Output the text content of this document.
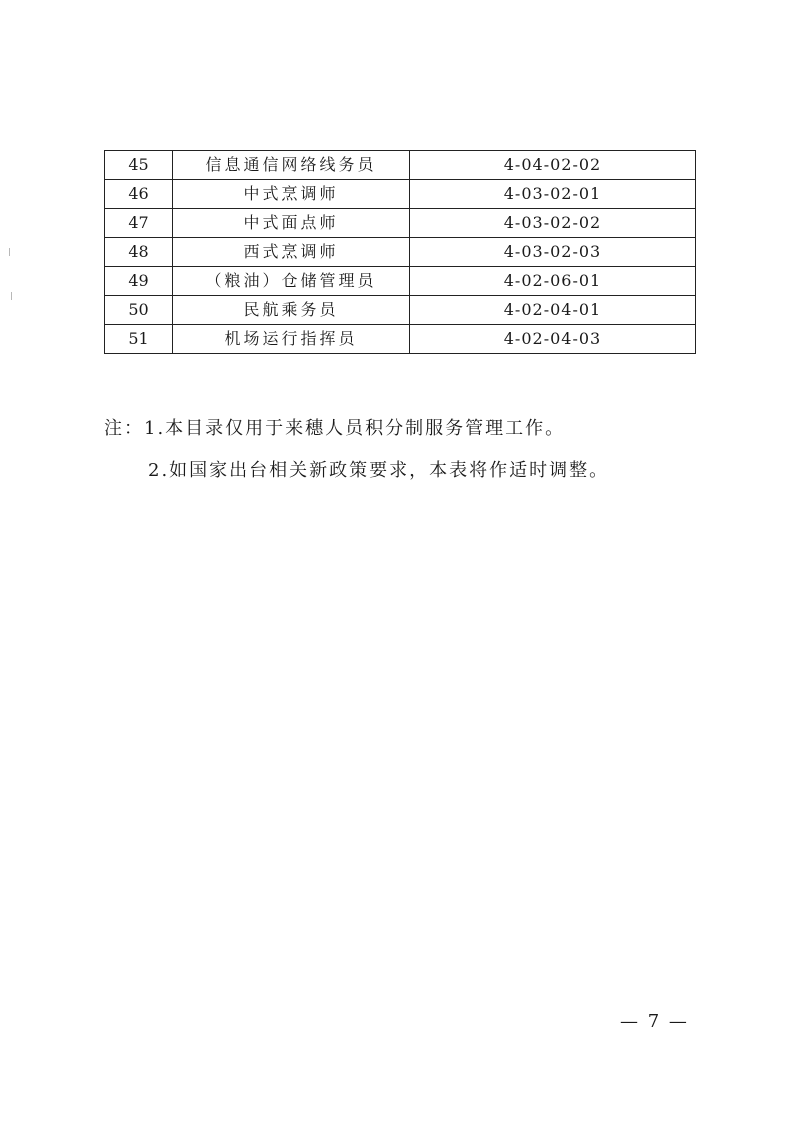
45	信息通信网络线务员	4-04-02-02
46	中式烹调师	4-03-02-01
47	中式面点师	4-03-02-02
48	西式烹调师	4-03-02-03
49	（粮油）仓储管理员	4-02-06-01
50	民航乘务员	4-02-04-01
51	机场运行指挥员	4-02-04-03
注：1.本目录仅用于来穗人员积分制服务管理工作。
2.如国家出台相关新政策要求，本表将作适时调整。
— 7 —
